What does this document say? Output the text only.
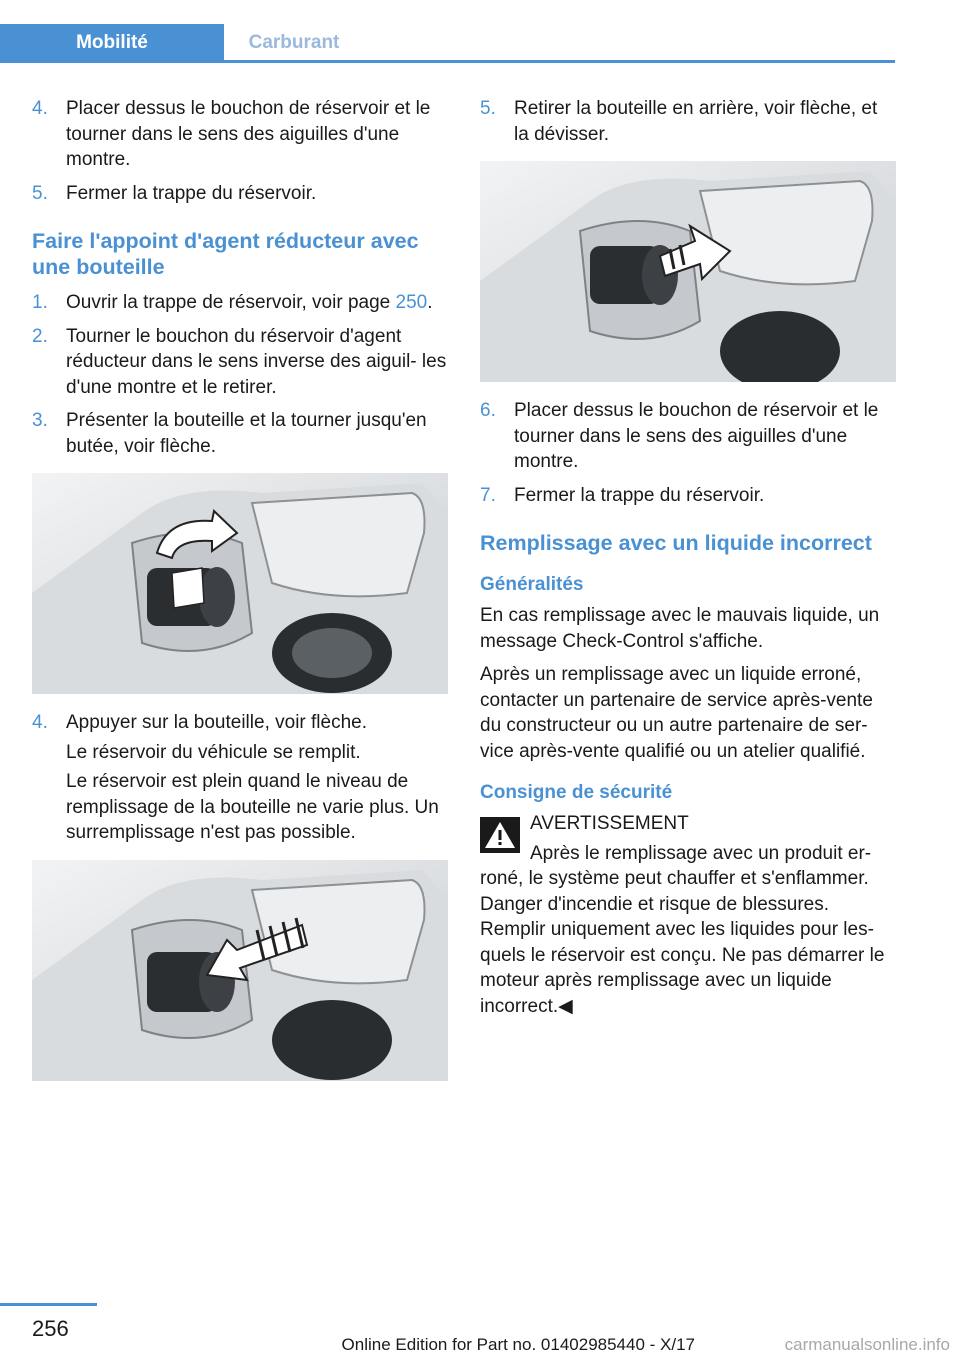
Mobilité	Carburant
4. Placer dessus le bouchon de réservoir et le tourner dans le sens des aiguilles d'une montre.

5. Fermer la trappe du réservoir.

Faire l'appoint d'agent réducteur avec une bouteille
1. Ouvrir la trappe de réservoir, voir page 250.

2. Tourner le bouchon du réservoir d'agent réducteur dans le sens inverse des aiguil‐ les d'une montre et le retirer.

3. Présenter la bouteille et la tourner jusqu'en butée, voir flèche.

4. Appuyer sur la bouteille, voir flèche.

Le réservoir du véhicule se remplit.

Le réservoir est plein quand le niveau de remplissage de la bouteille ne varie plus. Un surremplissage n'est pas possible.

5. Retirer la bouteille en arrière, voir flèche, et la dévisser.

6. Placer dessus le bouchon de réservoir et le tourner dans le sens des aiguilles d'une montre.

7. Fermer la trappe du réservoir.

Remplissage avec un liquide incorrect
Généralités

En cas remplissage avec le mauvais liquide, un message Check-Control s'affiche.

Après un remplissage avec un liquide erroné, contacter un partenaire de service après-vente du constructeur ou un autre partenaire de ser‐ vice après-vente qualifié ou un atelier qualifié.

Consigne de sécurité

AVERTISSEMENT

Après le remplissage avec un produit er‐ roné, le système peut chauffer et s'enflammer. Danger d'incendie et risque de blessures. Remplir uniquement avec les liquides pour les‐ quels le réservoir est conçu. Ne pas démarrer le moteur après remplissage avec un liquide incorrect.◀

256
Online Edition for Part no. 01402985440 - X/17	carmanualsonline.info
